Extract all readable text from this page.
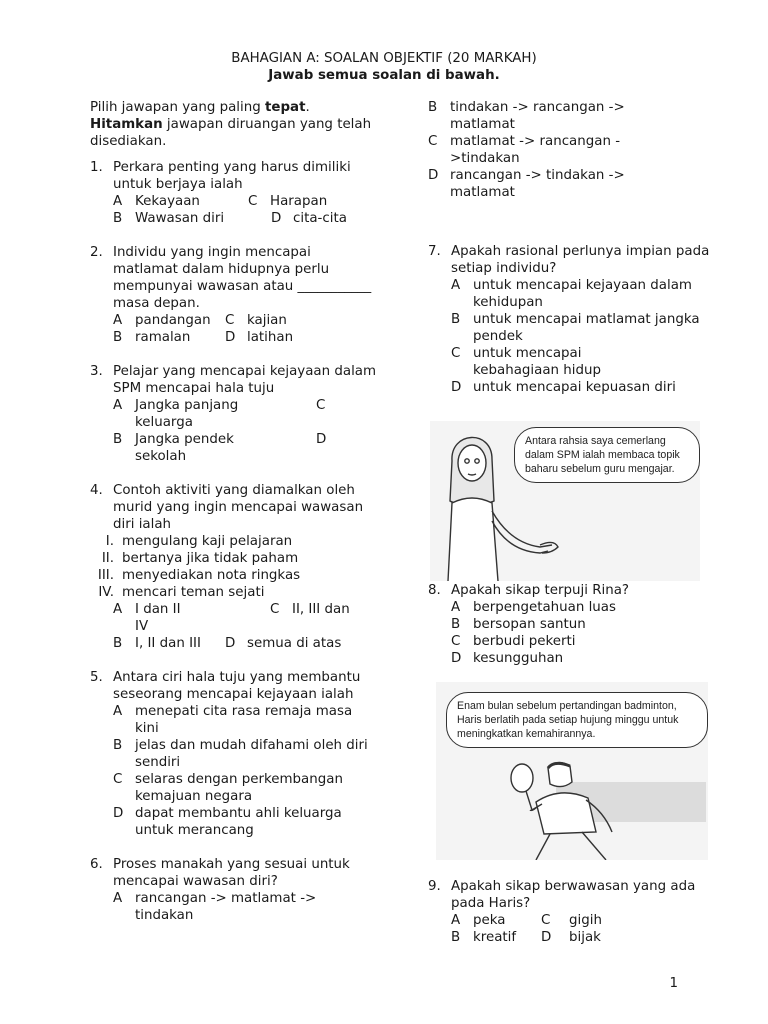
BAHAGIAN A: SOALAN OBJEKTIF (20 MARKAH)
Jawab semua soalan di bawah.
Pilih jawapan yang paling tepat.
Hitamkan jawapan diruangan yang telah disediakan.
1. Perkara penting yang harus dimiliki untuk berjaya ialah
A Kekayaan	C Harapan
B Wawasan diri	D cita-cita
2. Individu yang ingin mencapai matlamat dalam hidupnya perlu mempunyai wawasan atau ___________ masa depan.
A pandangan	C kajian
B ramalan	D latihan
3. Pelajar yang mencapai kejayaan dalam SPM mencapai hala tuju
A Jangka panjang	C
keluarga
B Jangka pendek	D
sekolah
4. Contoh aktiviti yang diamalkan oleh murid yang ingin mencapai wawasan diri ialah
I. mengulang kaji pelajaran
II. bertanya jika tidak paham
III. menyediakan nota ringkas
IV. mencari teman sejati
A I dan II	C II, III dan
IV
B I, II dan III	D semua di atas
5. Antara ciri hala tuju yang membantu seseorang mencapai kejayaan ialah
A menepati cita rasa remaja masa kini
B jelas dan mudah difahami oleh diri sendiri
C selaras dengan perkembangan kemajuan negara
D dapat membantu ahli keluarga untuk merancang
6. Proses manakah yang sesuai untuk mencapai wawasan diri?
A rancangan -> matlamat -> tindakan
B tindakan -> rancangan -> matlamat
C matlamat -> rancangan ->tindakan
D rancangan -> tindakan -> matlamat
7. Apakah rasional perlunya impian pada setiap individu?
A untuk mencapai kejayaan dalam kehidupan
B untuk mencapai matlamat jangka pendek
C untuk mencapai kebahagiaan hidup
D untuk mencapai kepuasan diri
Antara rahsia saya cemerlang dalam SPM ialah membaca topik baharu sebelum guru mengajar.
8. Apakah sikap terpuji Rina?
A berpengetahuan luas
B bersopan santun
C berbudi pekerti
D kesungguhan
Enam bulan sebelum pertandingan badminton, Haris berlatih pada setiap hujung minggu untuk meningkatkan kemahirannya.
9. Apakah sikap berwawasan yang ada pada Haris?
A peka	C	gigih
B kreatif	D	bijak
1
